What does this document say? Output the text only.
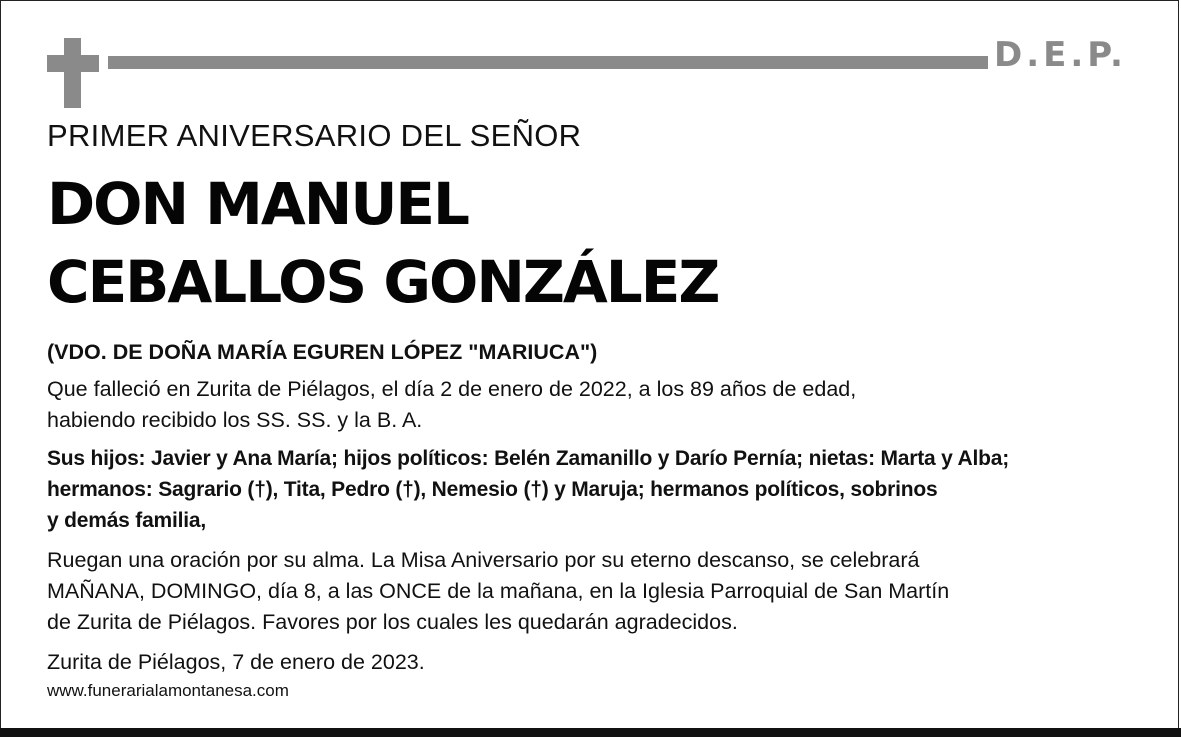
D.E.P.
PRIMER ANIVERSARIO DEL SEÑOR
DON MANUEL
CEBALLOS GONZÁLEZ
(VDO. DE DOÑA MARÍA EGUREN LÓPEZ "MARIUCA")
Que falleció en Zurita de Piélagos, el día 2 de enero de 2022, a los 89 años de edad,
habiendo recibido los SS. SS. y la B. A.
Sus hijos: Javier y Ana María; hijos políticos: Belén Zamanillo y Darío Pernía; nietas: Marta y Alba;
hermanos: Sagrario (†), Tita, Pedro (†), Nemesio (†) y Maruja; hermanos políticos, sobrinos
y demás familia,
Ruegan una oración por su alma. La Misa Aniversario por su eterno descanso, se celebrará
MAÑANA, DOMINGO, día 8, a las ONCE de la mañana, en la Iglesia Parroquial de San Martín
de Zurita de Piélagos. Favores por los cuales les quedarán agradecidos.
Zurita de Piélagos, 7 de enero de 2023.
www.funerarialamontanesa.com
